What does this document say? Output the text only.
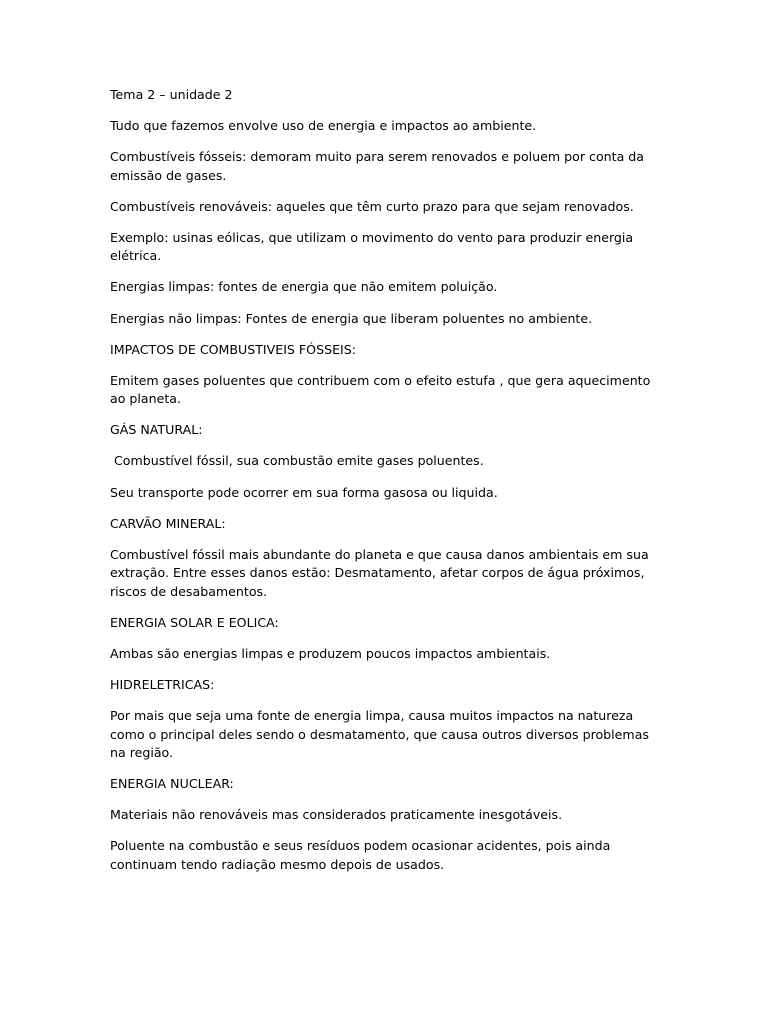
Tema 2 – unidade 2

Tudo que fazemos envolve uso de energia e impactos ao ambiente.

Combustíveis fósseis: demoram muito para serem renovados e poluem por conta da emissão de gases.

Combustíveis renováveis: aqueles que têm curto prazo para que sejam renovados.

Exemplo: usinas eólicas, que utilizam o movimento do vento para produzir energia elétrica.

Energias limpas: fontes de energia que não emitem poluição.

Energias não limpas: Fontes de energia que liberam poluentes no ambiente.

IMPACTOS DE COMBUSTIVEIS FÓSSEIS:

Emitem gases poluentes que contribuem com o efeito estufa , que gera aquecimento ao planeta.

GÁS NATURAL:

Combustível fóssil, sua combustão emite gases poluentes.

Seu transporte pode ocorrer em sua forma gasosa ou liquida.

CARVÃO MINERAL:

Combustível fóssil mais abundante do planeta e que causa danos ambientais em sua extração. Entre esses danos estão: Desmatamento, afetar corpos de água próximos, riscos de desabamentos.

ENERGIA SOLAR E EOLICA:

Ambas são energias limpas e produzem poucos impactos ambientais.

HIDRELETRICAS:

Por mais que seja uma fonte de energia limpa, causa muitos impactos na natureza como o principal deles sendo o desmatamento, que causa outros diversos problemas na região.

ENERGIA NUCLEAR:

Materiais não renováveis mas considerados praticamente inesgotáveis.

Poluente na combustão e seus resíduos podem ocasionar acidentes, pois ainda continuam tendo radiação mesmo depois de usados.
